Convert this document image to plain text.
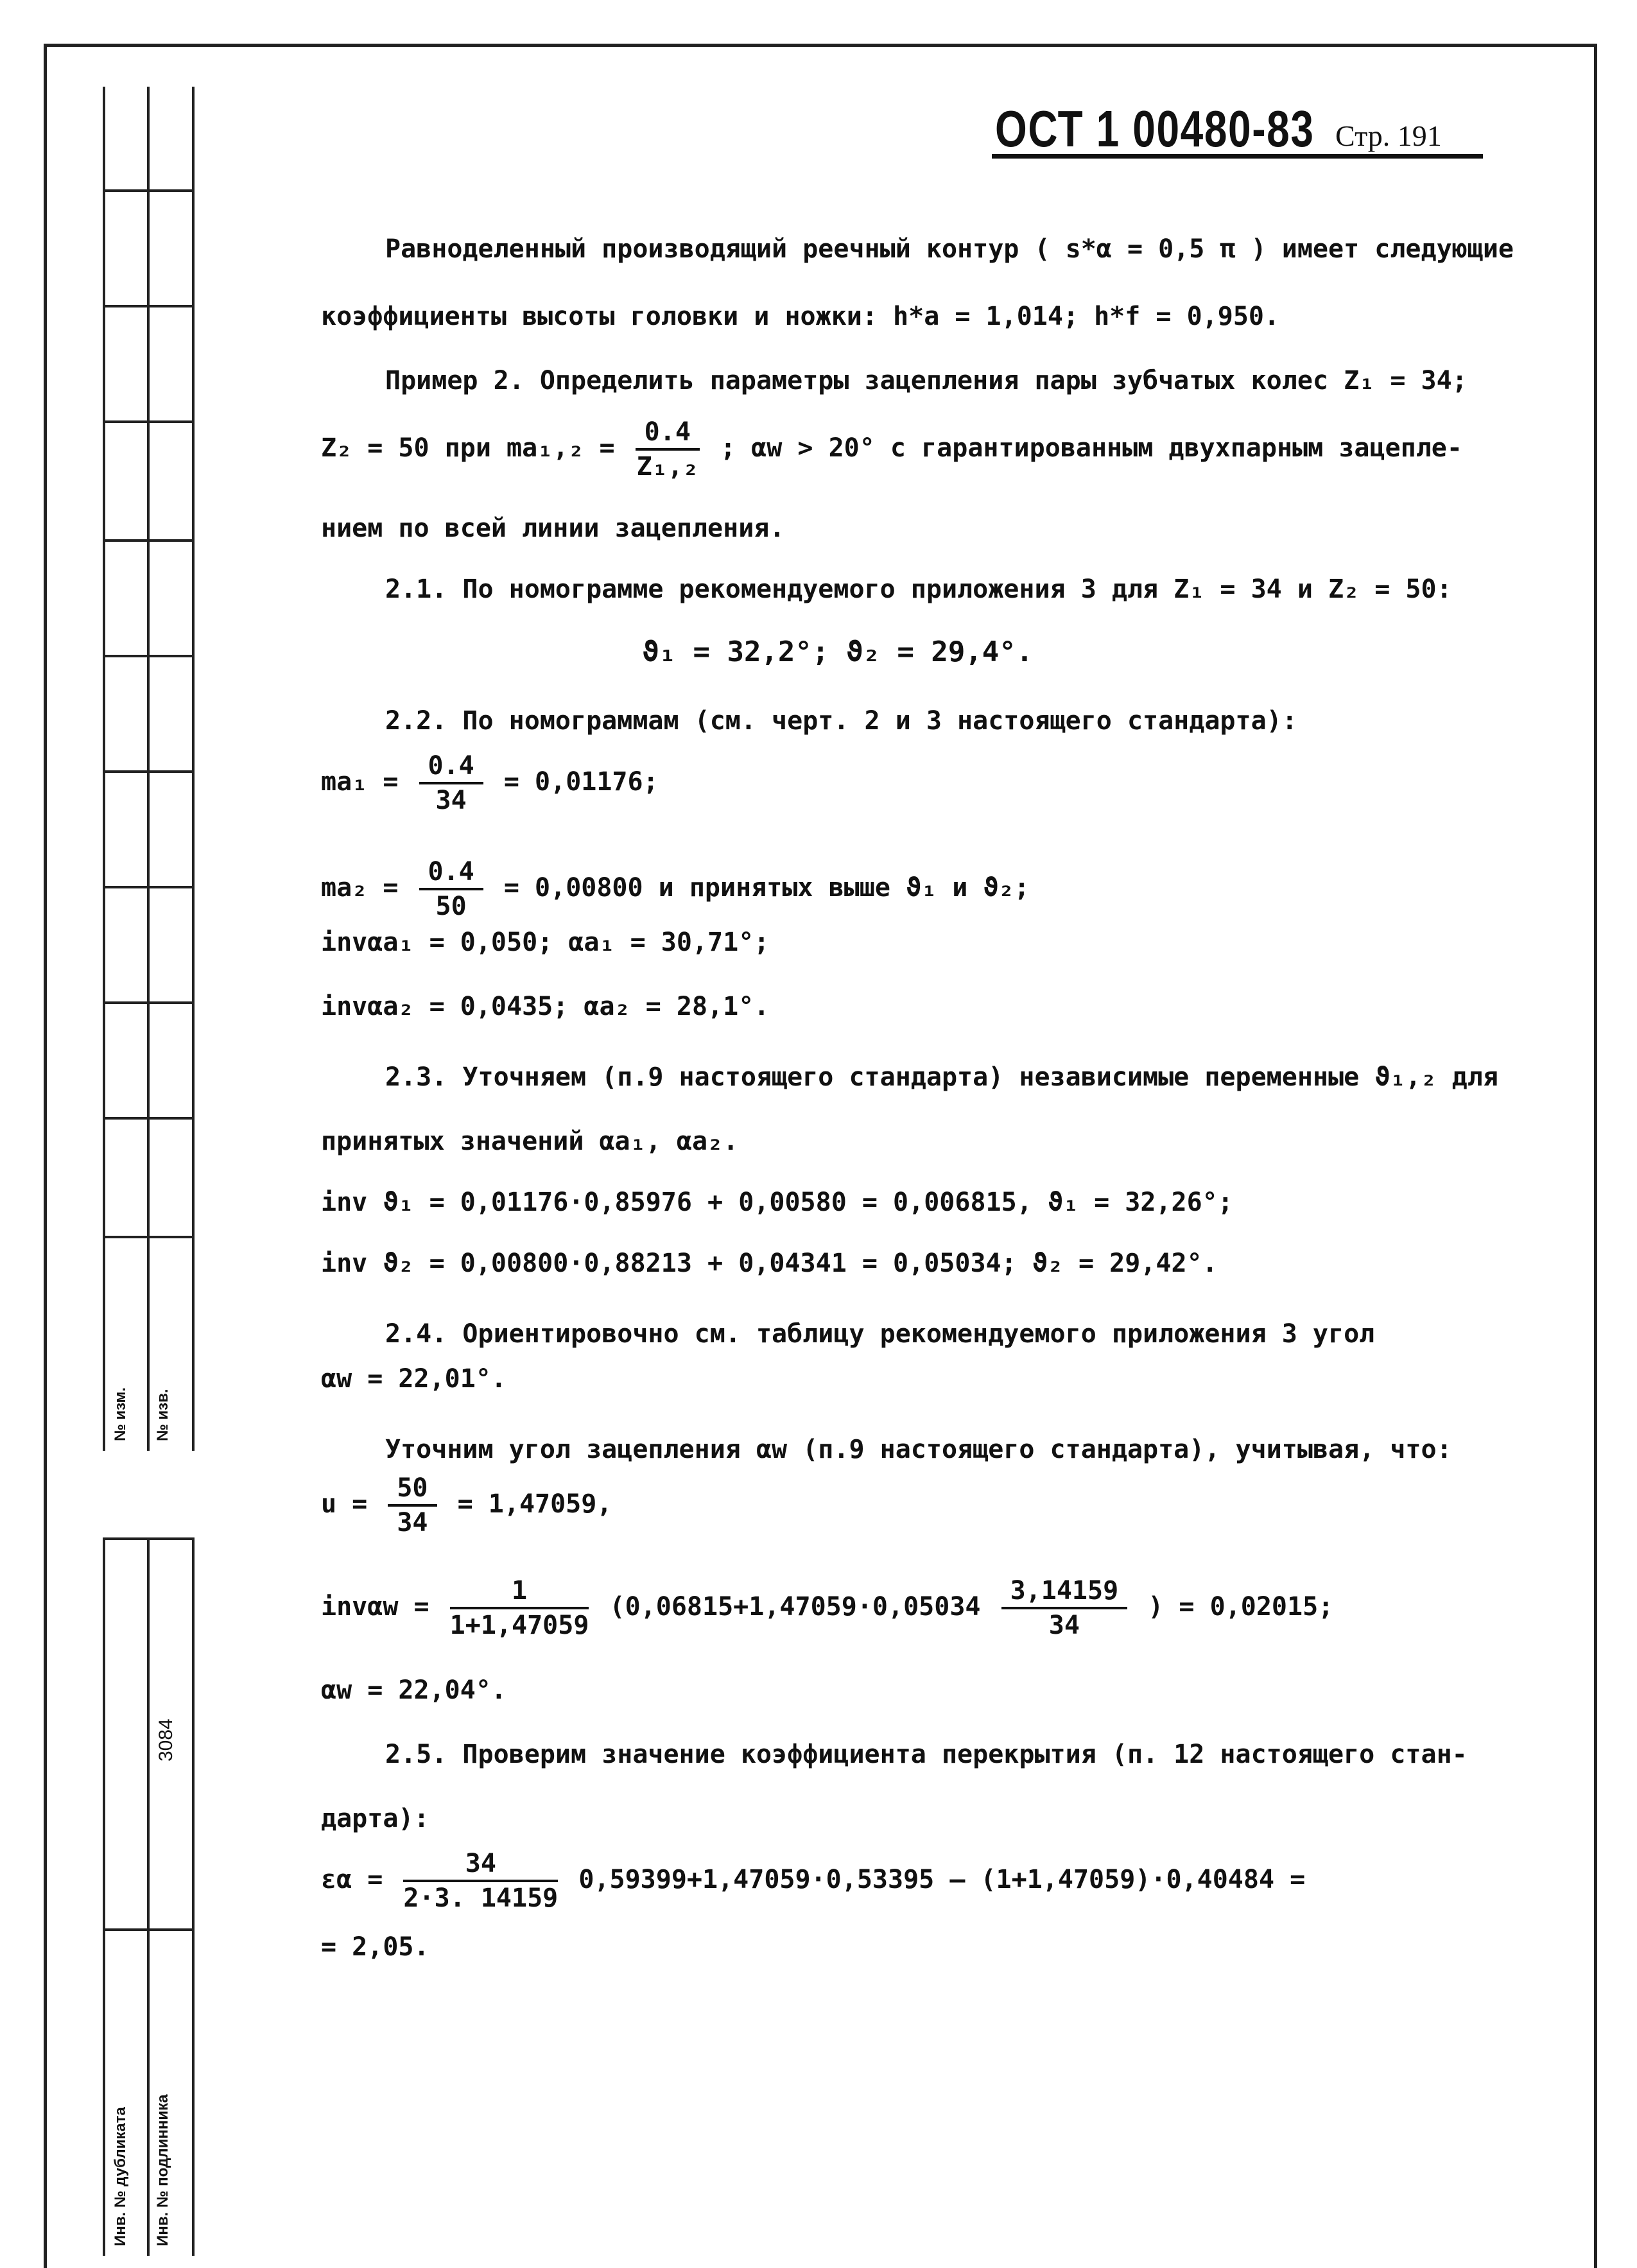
№ изм. № изв.
3084
Инв. № дубликата Инв. № подлинника
ОСТ 1 00480-83 Стр. 191
Равноделенный производящий реечный контур ( s*α = 0,5 π ) имеет следующие
коэффициенты высоты головки и ножки: h*a = 1,014; h*f = 0,950.
Пример 2. Определить параметры зацепления пары зубчатых колес Z₁ = 34;
Z₂ = 50 при $ma_1,_2 = \frac{0.4}{\text{Z₁,₂}}$ ; αw > 20° с гарантированным двухпарным зацепле-
нием по всей линии зацепления.
2.1. По номограмме рекомендуемого приложения 3 для Z₁ = 34 и Z₂ = 50:
ϑ₁ = 32,2°; ϑ₂ = 29,4°.
2.2. По номограммам (см. черт. 2 и 3 настоящего стандарта):
$ma_1 = \frac{0.4}{34} = 0,01176$;
$ma_2 = \frac{0.4}{50} = 0,00800$ и принятых выше ϑ₁ и ϑ₂;
invαa₁ = 0,050; αa₁ = 30,71°;
invαa₂ = 0,0435; αa₂ = 28,1°.
2.3. Уточняем (п.9 настоящего стандарта) независимые переменные ϑ₁,₂ для
принятых значений αa₁, αa₂.
inv ϑ₁ = 0,01176·0,85976 + 0,00580 = 0,006815, ϑ₁ = 32,26°;
inv ϑ₂ = 0,00800·0,88213 + 0,04341 = 0,05034; ϑ₂ = 29,42°.
2.4. Ориентировочно см. таблицу рекомендуемого приложения 3 угол
αw = 22,01°.
Уточним угол зацепления αw (п.9 настоящего стандарта), учитывая, что:
$u = \frac{50}{34} = 1,47059$,
$inv\alpha w = \frac{1}{1+1,47059} (0,06815+1,47059\cdot 0,05034 \frac{3,14159}{34}$ ) = 0,02015;
αw = 22,04°.
2.5. Проверим значение коэффициента перекрытия (п. 12 настоящего стан-
дарта):
$\varepsilon\alpha = \frac{34}{2\cdot 3. 14159} 0,59399+1,47059\cdot 0,53395 - (1+1,47059)\cdot 0,40484$ =
= 2,05.
